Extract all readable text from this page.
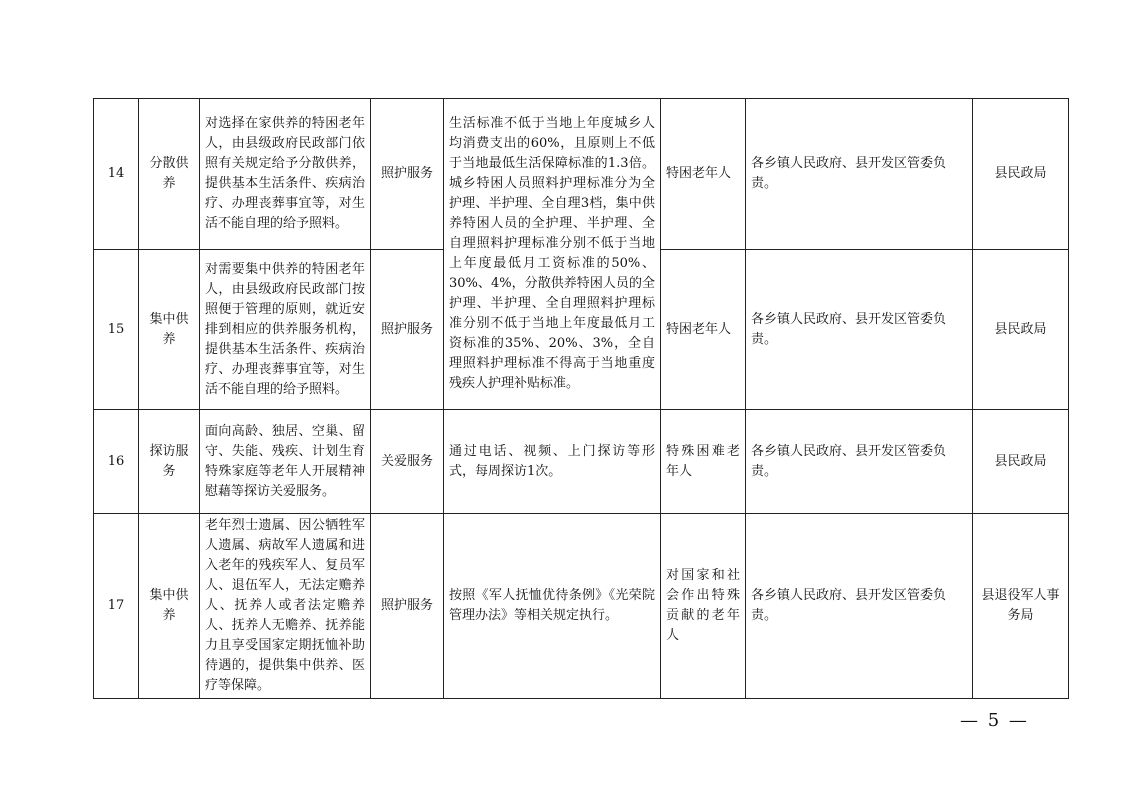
14	分散供养	对选择在家供养的特困老年人，由县级政府民政部门依照有关规定给予分散供养，提供基本生活条件、疾病治疗、办理丧葬事宜等，对生活不能自理的给予照料。	照护服务	生活标准不低于当地上年度城乡人均消费支出的60%，且原则上不低于当地最低生活保障标准的1.3倍。城乡特困人员照料护理标准分为全护理、半护理、全自理3档，集中供养特困人员的全护理、半护理、全自理照料护理标准分别不低于当地上年度最低月工资标准的50%、30%、4%，分散供养特困人员的全护理、半护理、全自理照料护理标准分别不低于当地上年度最低月工资标准的35%、20%、3%，全自理照料护理标准不得高于当地重度残疾人护理补贴标准。	特困老年人	各乡镇人民政府、县开发区管委负责。	县民政局
15	集中供养	对需要集中供养的特困老年人，由县级政府民政部门按照便于管理的原则，就近安排到相应的供养服务机构，提供基本生活条件、疾病治疗、办理丧葬事宜等，对生活不能自理的给予照料。	照护服务		特困老年人	各乡镇人民政府、县开发区管委负责。	县民政局
16	探访服务	面向高龄、独居、空巢、留守、失能、残疾、计划生育特殊家庭等老年人开展精神慰藉等探访关爱服务。	关爱服务	通过电话、视频、上门探访等形式，每周探访1次。	特殊困难老年人	各乡镇人民政府、县开发区管委负责。	县民政局
17	集中供养	老年烈士遗属、因公牺牲军人遗属、病故军人遗属和进入老年的残疾军人、复员军人、退伍军人，无法定赡养人、抚养人或者法定赡养人、抚养人无赡养、抚养能力且享受国家定期抚恤补助待遇的，提供集中供养、医疗等保障。	照护服务	按照《军人抚恤优待条例》《光荣院管理办法》等相关规定执行。	对国家和社会作出特殊贡献的老年人	各乡镇人民政府、县开发区管委负责。	县退役军人事务局
— 5 —
